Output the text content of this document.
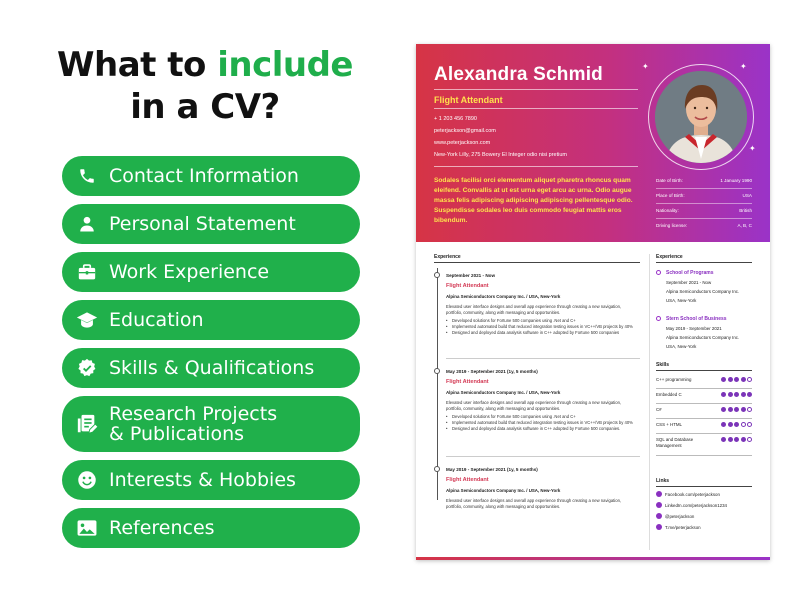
What to include
in a CV?
Contact Information
Personal Statement
Work Experience
Education
Skills & Qualifications
Research Projects
& Publications
Interests & Hobbies
References
Alexandra Schmid
Flight Attendant
+ 1 203 456 7890
peterjackson@gmail.com
www.peterjackson.com
New-York Lilly, 275 Bowery El Integer odio nisi pretium
Sodales facilisi orci elementum aliquet pharetra rhoncus quam eleifend. Convallis at ut est urna eget arcu ac urna. Odio augue massa felis adipiscing adipiscing adipiscing pellentesque odio. Suspendisse sodales leo duis commodo feugiat mattis eros bibendum.
✦	✦
✦
Date of Birth:	1 January 1990
Place of Birth:	USA
Nationality:	British
Driving license:	A, B, C
Experience
September 2021 - Now
Flight Attendant
Alpina Semiconductors Company Inc. / USA, New-York
Elevated user interface designs and overall app experience through creating a new navigation, portfolio, community, along with messaging and opportunities.
• Developed solutions for Fortune 500 companies using .Net and C+
• Implemented automated build that reduced integration testing issues in VC++/VB projects by 40%
• Designed and deployed data analysis software in C++ adopted by Fortune 500 companies
May 2019 - September 2021 (1y, 5 months)
Flight Attendant
Alpina Semiconductors Company Inc. / USA, New-York
Elevated user interface designs and overall app experience through creating a new navigation, portfolio, community, along with messaging and opportunities.
• Developed solutions for Fortune 500 companies using .Net and C+
• Implemented automated build that reduced integration testing issues in VC++/VB projects by 40%
• Designed and deployed data analysis software in C++ adopted by Fortune 500 companies.
May 2019 - September 2021 (1y, 5 months)
Flight Attendant
Alpina Semiconductors Company Inc. / USA, New-York
Elevated user interface designs and overall app experience through creating a new navigation, portfolio, community, along with messaging and opportunities.
Experience
School of Programs
September 2021 - Now
Alpina Semiconductors Company Inc.
USA, New-York
Stern School of Business
May 2019 - September 2021
Alpina Semiconductors Company Inc.
USA, New-York
Skills
C++ programming
Embedded C
C#
CSS + HTML
SQL and Database Management
Links
Facebook.com/peterjackson
LinkedIn.com/peterjackson1234
@peterjackson
T.me/peterjackson
